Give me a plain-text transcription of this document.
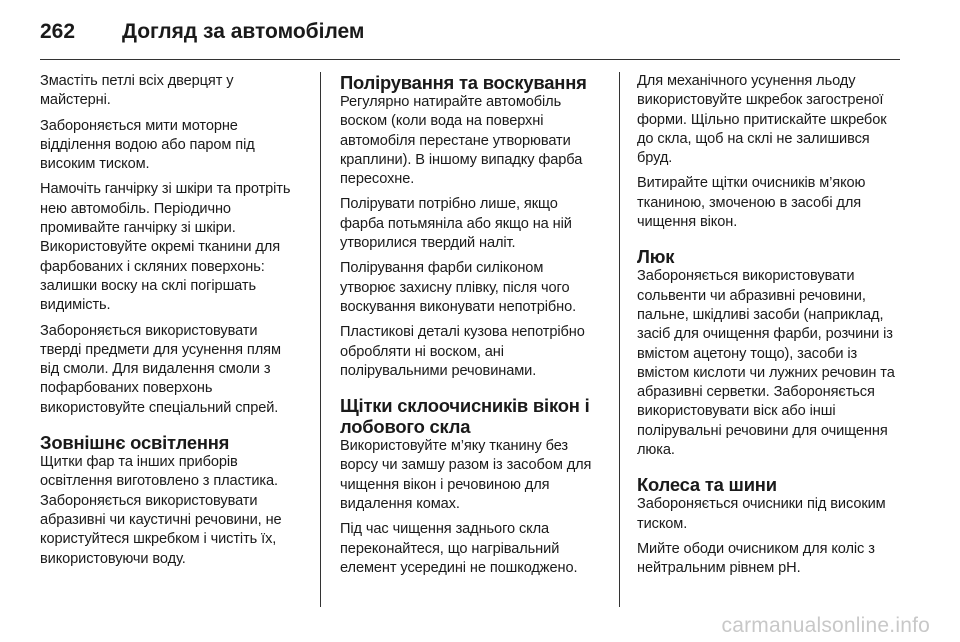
262	Догляд за автомобілем

Змастіть петлі всіх дверцят у майстерні.

Забороняється мити моторне відділення водою або паром під високим тиском.

Намочіть ганчірку зі шкіри та протріть нею автомобіль. Періодично промивайте ганчірку зі шкіри. Використовуйте окремі тканини для фарбованих і скляних поверхонь: залишки воску на склі погіршать видимість.

Забороняється використовувати тверді предмети для усунення плям від смоли. Для видалення смоли з пофарбованих поверхонь використовуйте спеціальний спрей.

Зовнішнє освітлення

Щитки фар та інших приборів освітлення виготовлено з пластика. Забороняється використовувати абразивні чи каустичні речовини, не користуйтеся шкребком і чистіть їх, використовуючи воду.

Полірування та воскування

Регулярно натирайте автомобіль воском (коли вода на поверхні автомобіля перестане утворювати краплини). В іншому випадку фарба пересохне.

Полірувати потрібно лише, якщо фарба потьмяніла або якщо на ній утворилися твердий наліт.

Полірування фарби силіконом утворює захисну плівку, після чого воскування виконувати непотрібно.

Пластикові деталі кузова непотрібно обробляти ні воском, ані полірувальними речовинами.

Щітки склоочисників вікон і лобового скла

Використовуйте м’яку тканину без ворсу чи замшу разом із засобом для чищення вікон і речовиною для видалення комах.

Під час чищення заднього скла переконайтеся, що нагрівальний елемент усередині не пошкоджено.

Для механічного усунення льоду використовуйте шкребок загостреної форми. Щільно притискайте шкребок до скла, щоб на склі не залишився бруд.

Витирайте щітки очисників м’якою тканиною, змоченою в засобі для чищення вікон.

Люк

Забороняється використовувати сольвенти чи абразивні речовини, пальне, шкідливі засоби (наприклад, засіб для очищення фарби, розчини із вмістом ацетону тощо), засоби із вмістом кислоти чи лужних речовин та абразивні серветки. Забороняється використовувати віск або інші полірувальні речовини для очищення люка.

Колеса та шини

Забороняється очисники під високим тиском.

Мийте ободи очисником для коліс з нейтральним рівнем pH.

carmanualsonline.info
